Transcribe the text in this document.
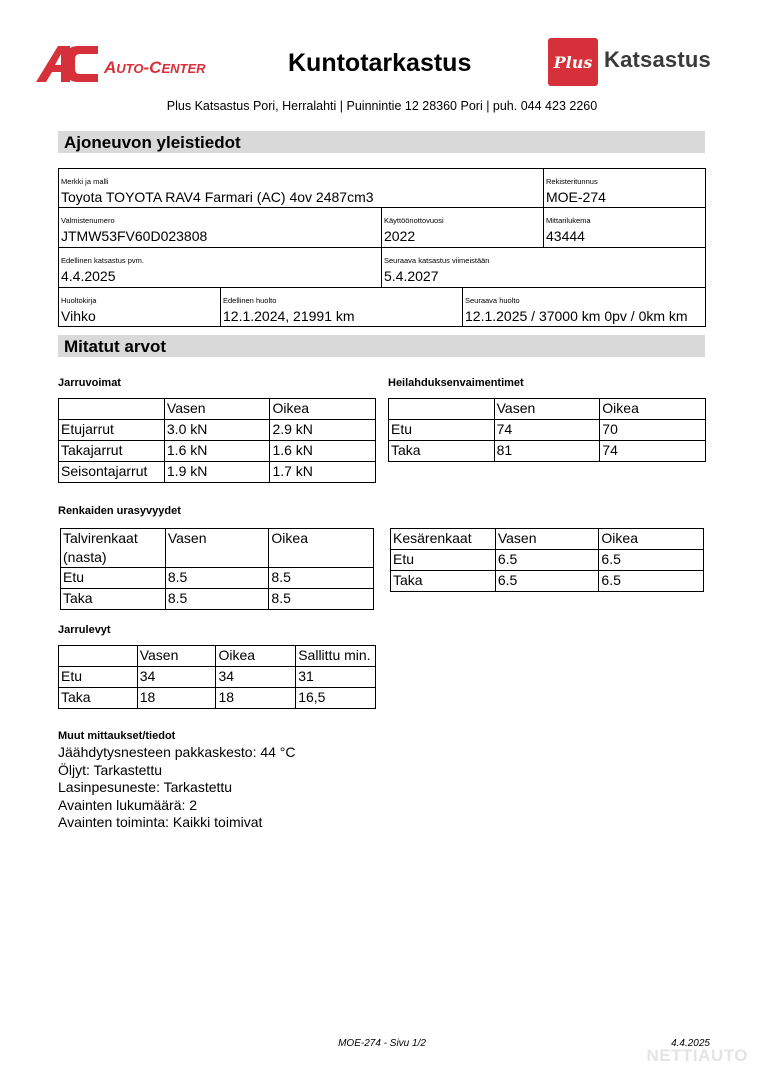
AUTO-CENTER	Kuntotarkastus	Plus Katsastus
Plus Katsastus Pori, Herralahti | Puinnintie 12 28360 Pori | puh. 044 423 2260
Ajoneuvon yleistiedot
Merkki ja malli
Toyota TOYOTA RAV4 Farmari (AC) 4ov 2487cm3
Rekisteritunnus
MOE-274
Valmistenumero
JTMW53FV60D023808
Käyttöönottovuosi
2022
Mittarilukema
43444
Edellinen katsastus pvm.
4.4.2025
Seuraava katsastus viimeistään
5.4.2027
Huoltokirja
Vihko
Edellinen huolto
12.1.2024, 21991 km
Seuraava huolto
12.1.2025 / 37000 km 0pv / 0km km
Mitatut arvot
Jarruvoimat
	Vasen	Oikea
Etujarrut	3.0 kN	2.9 kN
Takajarrut	1.6 kN	1.6 kN
Seisontajarrut	1.9 kN	1.7 kN
Heilahduksenvaimentimet
	Vasen	Oikea
Etu	74	70
Taka	81	74
Renkaiden urasyvyydet
Talvirenkaat (nasta)	Vasen	Oikea
Etu	8.5	8.5
Taka	8.5	8.5
Kesärenkaat	Vasen	Oikea
Etu	6.5	6.5
Taka	6.5	6.5
Jarrulevyt
	Vasen	Oikea	Sallittu min.
Etu	34	34	31
Taka	18	18	16,5
Muut mittaukset/tiedot
Jäähdytysnesteen pakkaskesto: 44 °C
Öljyt: Tarkastettu
Lasinpesuneste: Tarkastettu
Avainten lukumäärä: 2
Avainten toiminta: Kaikki toimivat
MOE-274 - Sivu 1/2	4.4.2025
NETTIAUTO
